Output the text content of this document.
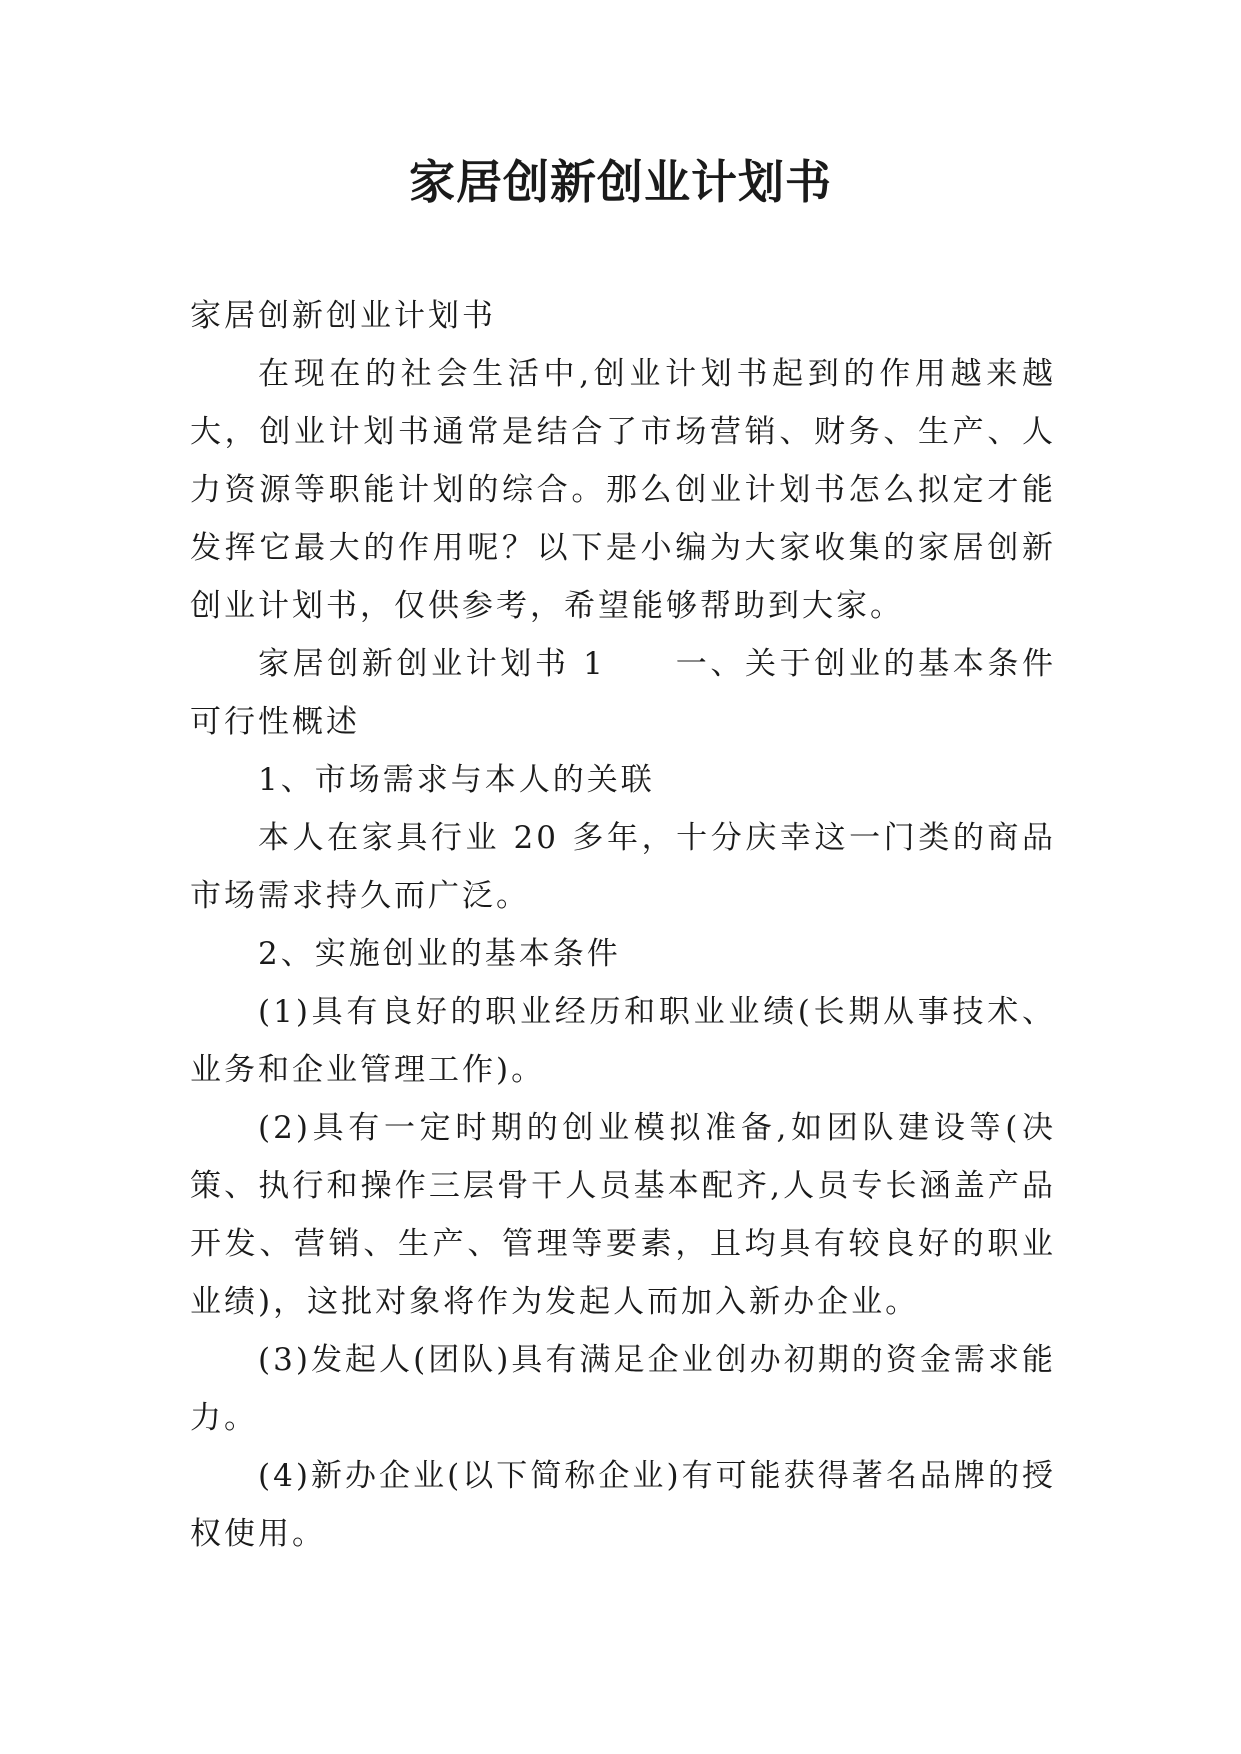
家居创新创业计划书

家居创新创业计划书

在现在的社会生活中,创业计划书起到的作用越来越大，创业计划书通常是结合了市场营销、财务、生产、人力资源等职能计划的综合。那么创业计划书怎么拟定才能发挥它最大的作用呢？以下是小编为大家收集的家居创新创业计划书，仅供参考，希望能够帮助到大家。

家居创新创业计划书 1　　一、关于创业的基本条件可行性概述

1、市场需求与本人的关联

本人在家具行业 20 多年，十分庆幸这一门类的商品市场需求持久而广泛。

2、实施创业的基本条件

(1)具有良好的职业经历和职业业绩(长期从事技术、业务和企业管理工作)。

(2)具有一定时期的创业模拟准备,如团队建设等(决策、执行和操作三层骨干人员基本配齐,人员专长涵盖产品开发、营销、生产、管理等要素，且均具有较良好的职业业绩)，这批对象将作为发起人而加入新办企业。

(3)发起人(团队)具有满足企业创办初期的资金需求能力。

(4)新办企业(以下简称企业)有可能获得著名品牌的授权使用。
